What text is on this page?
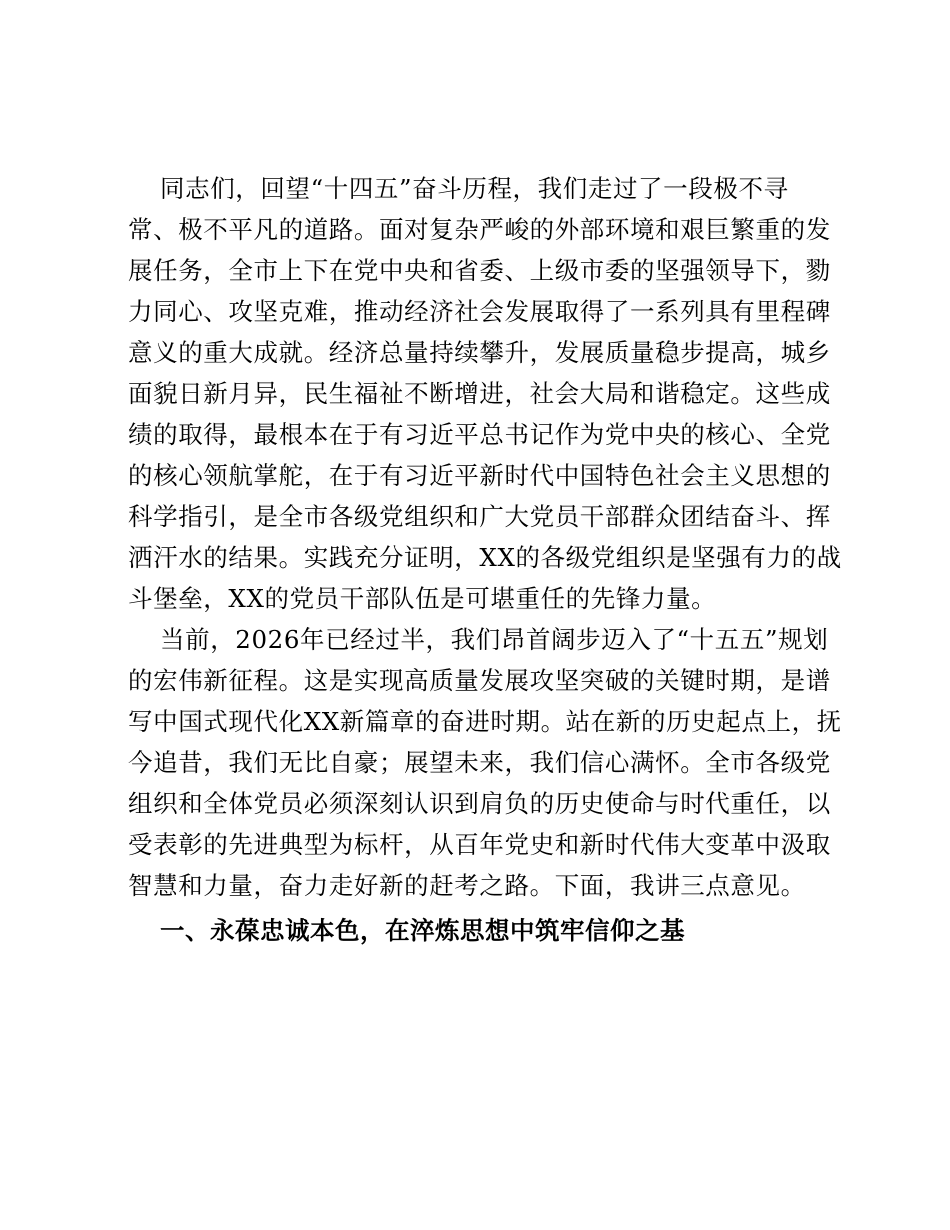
同志们，回望“十四五”奋斗历程，我们走过了一段极不寻
常、极不平凡的道路。面对复杂严峻的外部环境和艰巨繁重的发
展任务，全市上下在党中央和省委、上级市委的坚强领导下，勠
力同心、攻坚克难，推动经济社会发展取得了一系列具有里程碑
意义的重大成就。经济总量持续攀升，发展质量稳步提高，城乡
面貌日新月异，民生福祉不断增进，社会大局和谐稳定。这些成
绩的取得，最根本在于有习近平总书记作为党中央的核心、全党
的核心领航掌舵，在于有习近平新时代中国特色社会主义思想的
科学指引，是全市各级党组织和广大党员干部群众团结奋斗、挥
洒汗水的结果。实践充分证明，XX的各级党组织是坚强有力的战
斗堡垒，XX的党员干部队伍是可堪重任的先锋力量。
当前，2026年已经过半，我们昂首阔步迈入了“十五五”规划
的宏伟新征程。这是实现高质量发展攻坚突破的关键时期，是谱
写中国式现代化XX新篇章的奋进时期。站在新的历史起点上，抚
今追昔，我们无比自豪；展望未来，我们信心满怀。全市各级党
组织和全体党员必须深刻认识到肩负的历史使命与时代重任，以
受表彰的先进典型为标杆，从百年党史和新时代伟大变革中汲取
智慧和力量，奋力走好新的赶考之路。下面，我讲三点意见。
一、永葆忠诚本色，在淬炼思想中筑牢信仰之基
